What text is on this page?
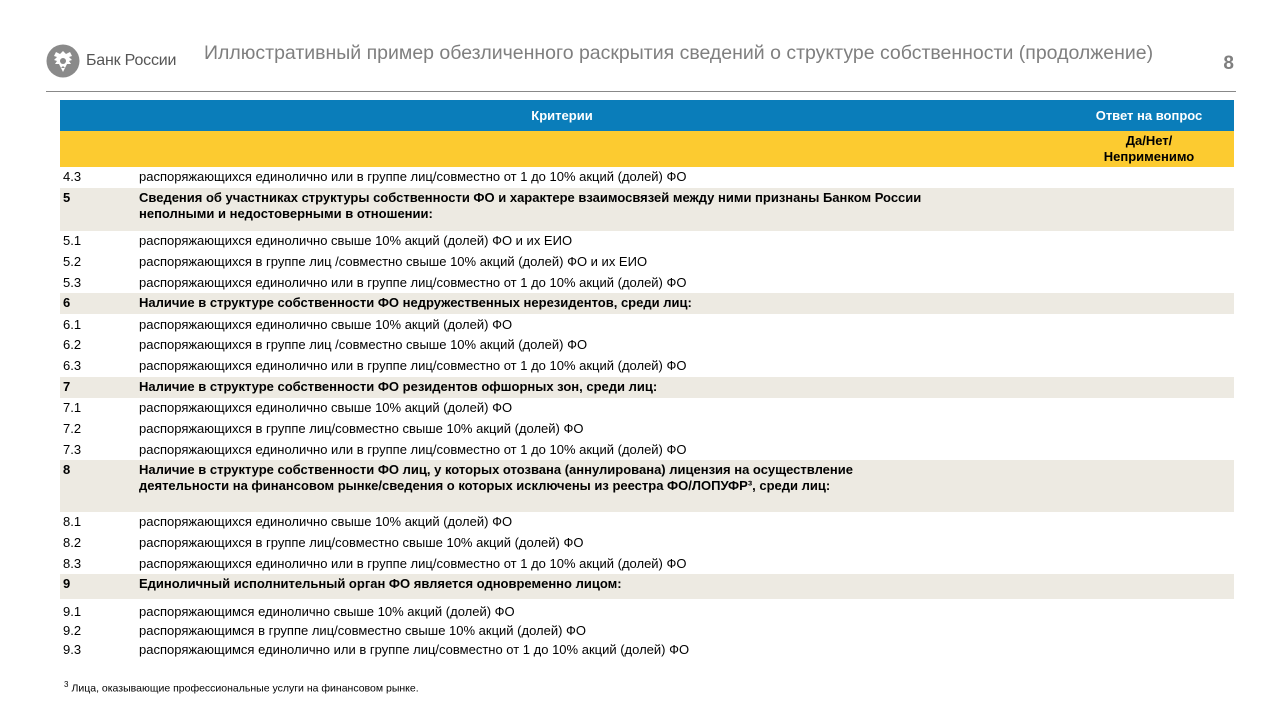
Банк России Иллюстративный пример обезличенного раскрытия сведений о структуре собственности (продолжение)	8
Критерии	Ответ на вопрос
Да/Нет/
Неприменимо
4.3	распоряжающихся единолично или в группе лиц/совместно от 1 до 10% акций (долей) ФО
5	Сведения об участниках структуры собственности ФО и характере взаимосвязей между ними признаны Банком России
неполными и недостоверными в отношении:
5.1	распоряжающихся единолично свыше 10% акций (долей) ФО и их ЕИО
5.2	распоряжающихся в группе лиц /совместно свыше 10% акций (долей) ФО и их ЕИО
5.3	распоряжающихся единолично или в группе лиц/совместно от 1 до 10% акций (долей) ФО
6	Наличие в структуре собственности ФО недружественных нерезидентов, среди лиц:
6.1	распоряжающихся единолично свыше 10% акций (долей) ФО
6.2	распоряжающихся в группе лиц /совместно свыше 10% акций (долей) ФО
6.3	распоряжающихся единолично или в группе лиц/совместно от 1 до 10% акций (долей) ФО
7	Наличие в структуре собственности ФО резидентов офшорных зон, среди лиц:
7.1	распоряжающихся единолично свыше 10% акций (долей) ФО
7.2	распоряжающихся в группе лиц/совместно свыше 10% акций (долей) ФО
7.3	распоряжающихся единолично или в группе лиц/совместно от 1 до 10% акций (долей) ФО
8	Наличие в структуре собственности ФО лиц, у которых отозвана (аннулирована) лицензия на осуществление
деятельности на финансовом рынке/сведения о которых исключены из реестра ФО/ЛОПУФР³, среди лиц:
8.1	распоряжающихся единолично свыше 10% акций (долей) ФО
8.2	распоряжающихся в группе лиц/совместно свыше 10% акций (долей) ФО
8.3	распоряжающихся единолично или в группе лиц/совместно от 1 до 10% акций (долей) ФО
9	Единоличный исполнительный орган ФО является одновременно лицом:
9.1	распоряжающимся единолично свыше 10% акций (долей) ФО
9.2	распоряжающимся в группе лиц/совместно свыше 10% акций (долей) ФО
9.3	распоряжающимся единолично или в группе лиц/совместно от 1 до 10% акций (долей) ФО
$^3$ Лица, оказывающие профессиональные услуги на финансовом рынке.
